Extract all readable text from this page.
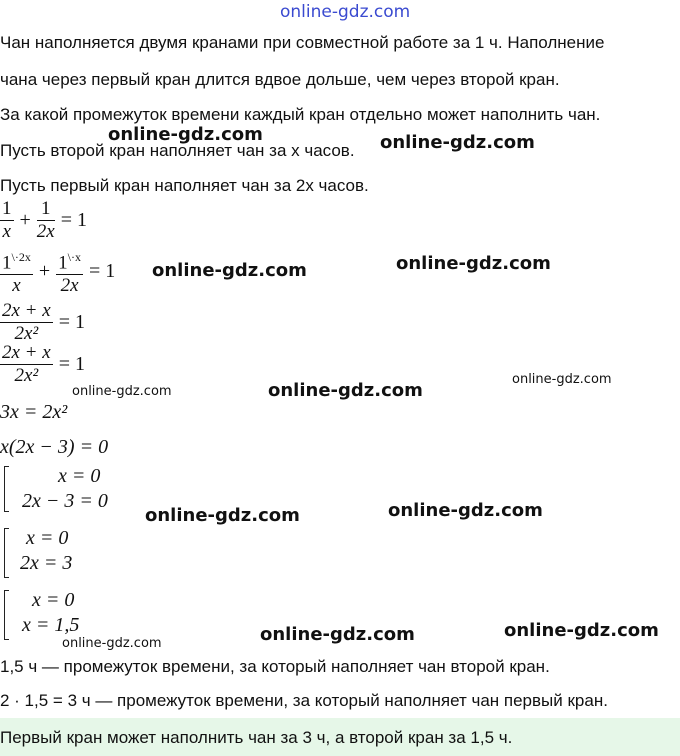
online-gdz.com
Чан наполняется двумя кранами при совместной работе за 1 ч. Наполнение
чана через первый кран длится вдвое дольше, чем через второй кран.
За какой промежуток времени каждый кран отдельно может наполнить чан.
Пусть второй кран наполняет чан за x часов.
Пусть первый кран наполняет чан за 2x часов.
$\frac{1}{x} + \frac{1}{2x} = 1$
$\frac{1^{\backslash\cdot 2x}}{x} + \frac{1^{\backslash\cdot x}}{2x} = 1$
$\frac{2x + x}{\text{2x²}} = 1$
$\frac{2x + x}{\text{2x²}} = 1$
3x = 2x²
x(2x − 3) = 0
x = 0
2x − 3 = 0
x = 0
2x = 3
x = 0
x = 1,5
1,5 ч — промежуток времени, за который наполняет чан второй кран.
2 · 1,5 = 3 ч — промежуток времени, за который наполняет чан первый кран.
Первый кран может наполнить чан за 3 ч, а второй кран за 1,5 ч.
online-gdz.com	online-gdz.com
online-gdz.com	online-gdz.com
online-gdz.com	online-gdz.com
online-gdz.com
online-gdz.com	online-gdz.com
online-gdz.com	online-gdz.com	online-gdz.com
